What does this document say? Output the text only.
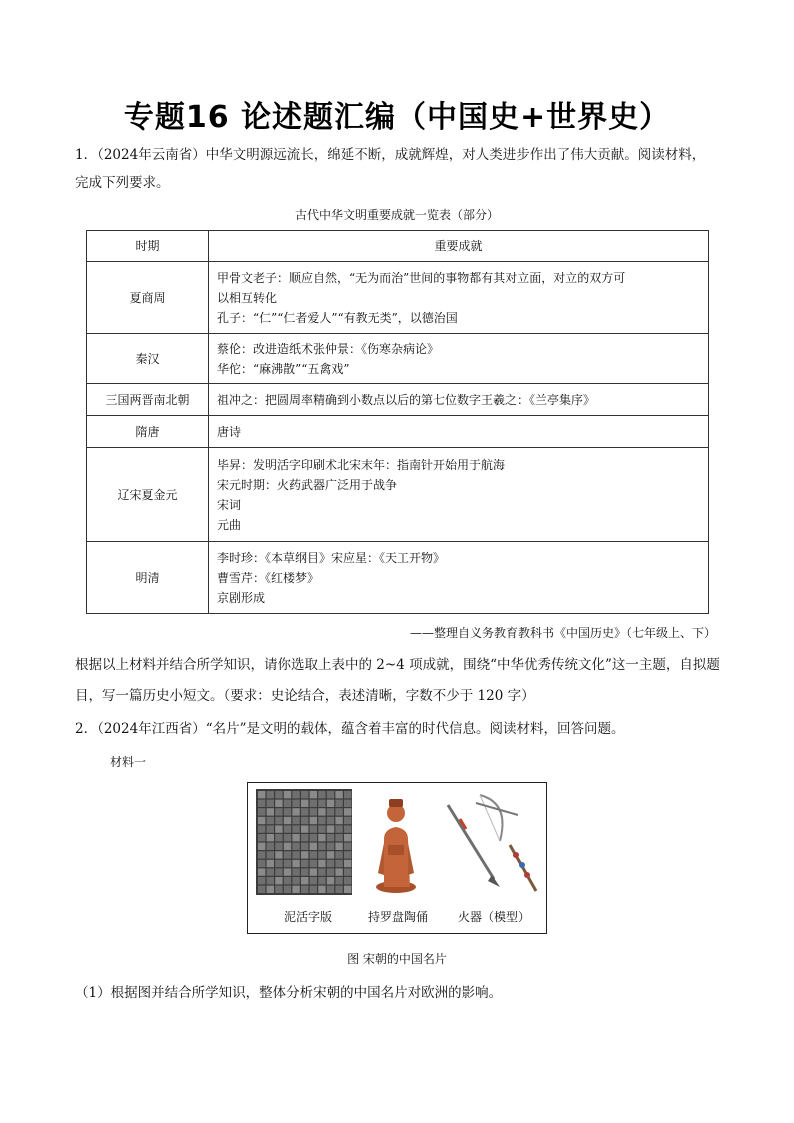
专题16 论述题汇编（中国史+世界史）
1．（2024年云南省）中华文明源远流长，绵延不断，成就辉煌，对人类进步作出了伟大贡献。阅读材料，
完成下列要求。
古代中华文明重要成就一览表（部分）
时期	重要成就
夏商周	甲骨文老子：顺应自然，“无为而治”世间的事物都有其对立面，对立的双方可
以相互转化
孔子：“仁”“仁者爱人”“有教无类”，以德治国

秦汉	蔡伦：改进造纸术张仲景：《伤寒杂病论》
华佗：“麻沸散”“五禽戏”

三国两晋南北朝	祖冲之：把圆周率精确到小数点以后的第七位数字王羲之：《兰亭集序》

隋唐	唐诗

辽宋夏金元	毕昇：发明活字印刷术北宋末年：指南针开始用于航海
宋元时期：火药武器广泛用于战争
宋词
元曲

明清	李时珍：《本草纲目》宋应星：《天工开物》
曹雪芹：《红楼梦》
京剧形成
——整理自义务教育教科书《中国历史》（七年级上、下）
根据以上材料并结合所学知识，请你选取上表中的 2~4 项成就，围绕“中华优秀传统文化”这一主题，自拟题
目，写一篇历史小短文。（要求：史论结合，表述清晰，字数不少于 120 字）
2．（2024年江西省）“名片”是文明的载体，蕴含着丰富的时代信息。阅读材料，回答问题。
材料一
泥活字版	持罗盘陶俑 火器（模型）
图 宋朝的中国名片
（1）根据图并结合所学知识，整体分析宋朝的中国名片对欧洲的影响。
